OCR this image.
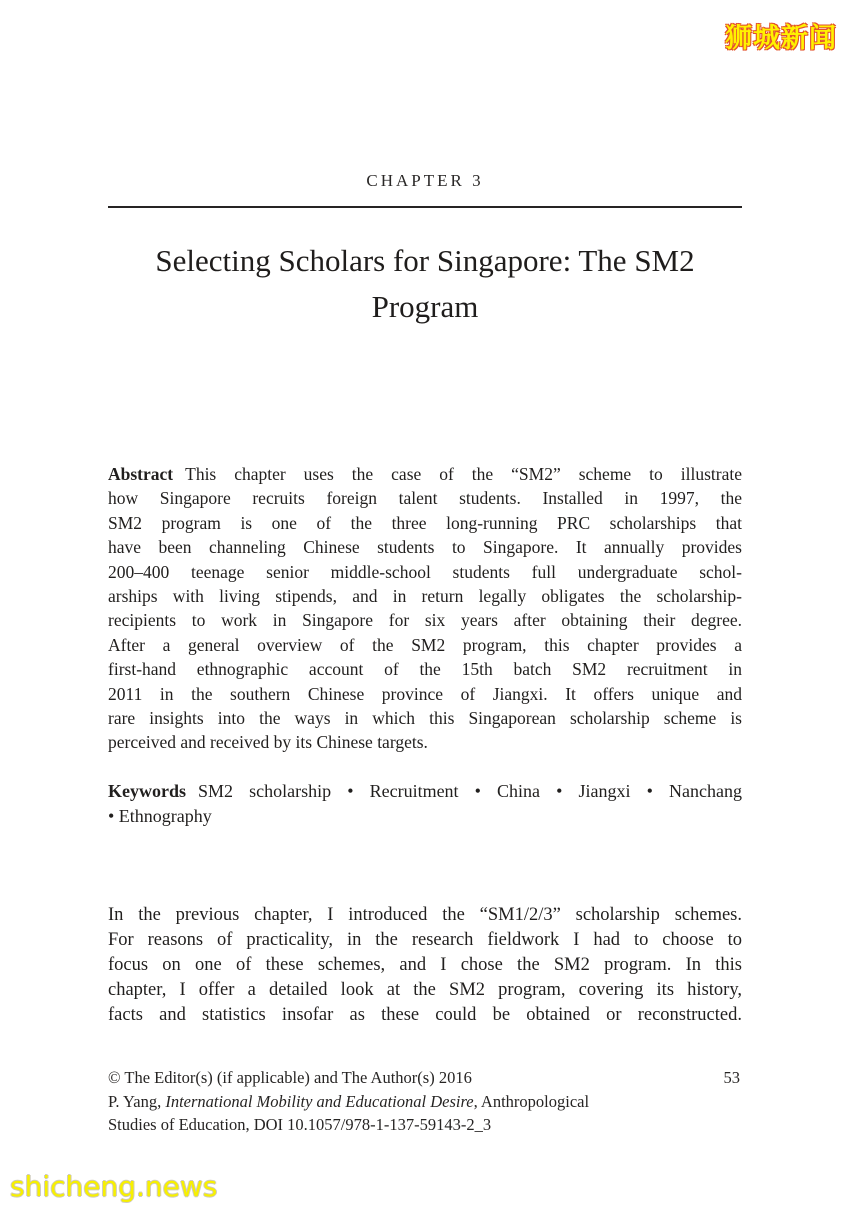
狮城新闻
CHAPTER 3
Selecting Scholars for Singapore: The SM2
Program
Abstract This chapter uses the case of the “SM2” scheme to illustrate
how Singapore recruits foreign talent students. Installed in 1997, the
SM2 program is one of the three long-running PRC scholarships that
have been channeling Chinese students to Singapore. It annually provides
200–400 teenage senior middle-school students full undergraduate schol-
arships with living stipends, and in return legally obligates the scholarship-
recipients to work in Singapore for six years after obtaining their degree.
After a general overview of the SM2 program, this chapter provides a
first-hand ethnographic account of the 15th batch SM2 recruitment in
2011 in the southern Chinese province of Jiangxi. It offers unique and
rare insights into the ways in which this Singaporean scholarship scheme is
perceived and received by its Chinese targets.
Keywords SM2 scholarship • Recruitment • China • Jiangxi • Nanchang
• Ethnography
In the previous chapter, I introduced the “SM1/2/3” scholarship schemes.
For reasons of practicality, in the research fieldwork I had to choose to
focus on one of these schemes, and I chose the SM2 program. In this
chapter, I offer a detailed look at the SM2 program, covering its history,
facts and statistics insofar as these could be obtained or reconstructed.
© The Editor(s) (if applicable) and The Author(s) 2016	53
P. Yang, International Mobility and Educational Desire, Anthropological
Studies of Education, DOI 10.1057/978-1-137-59143-2_3
shicheng.news
